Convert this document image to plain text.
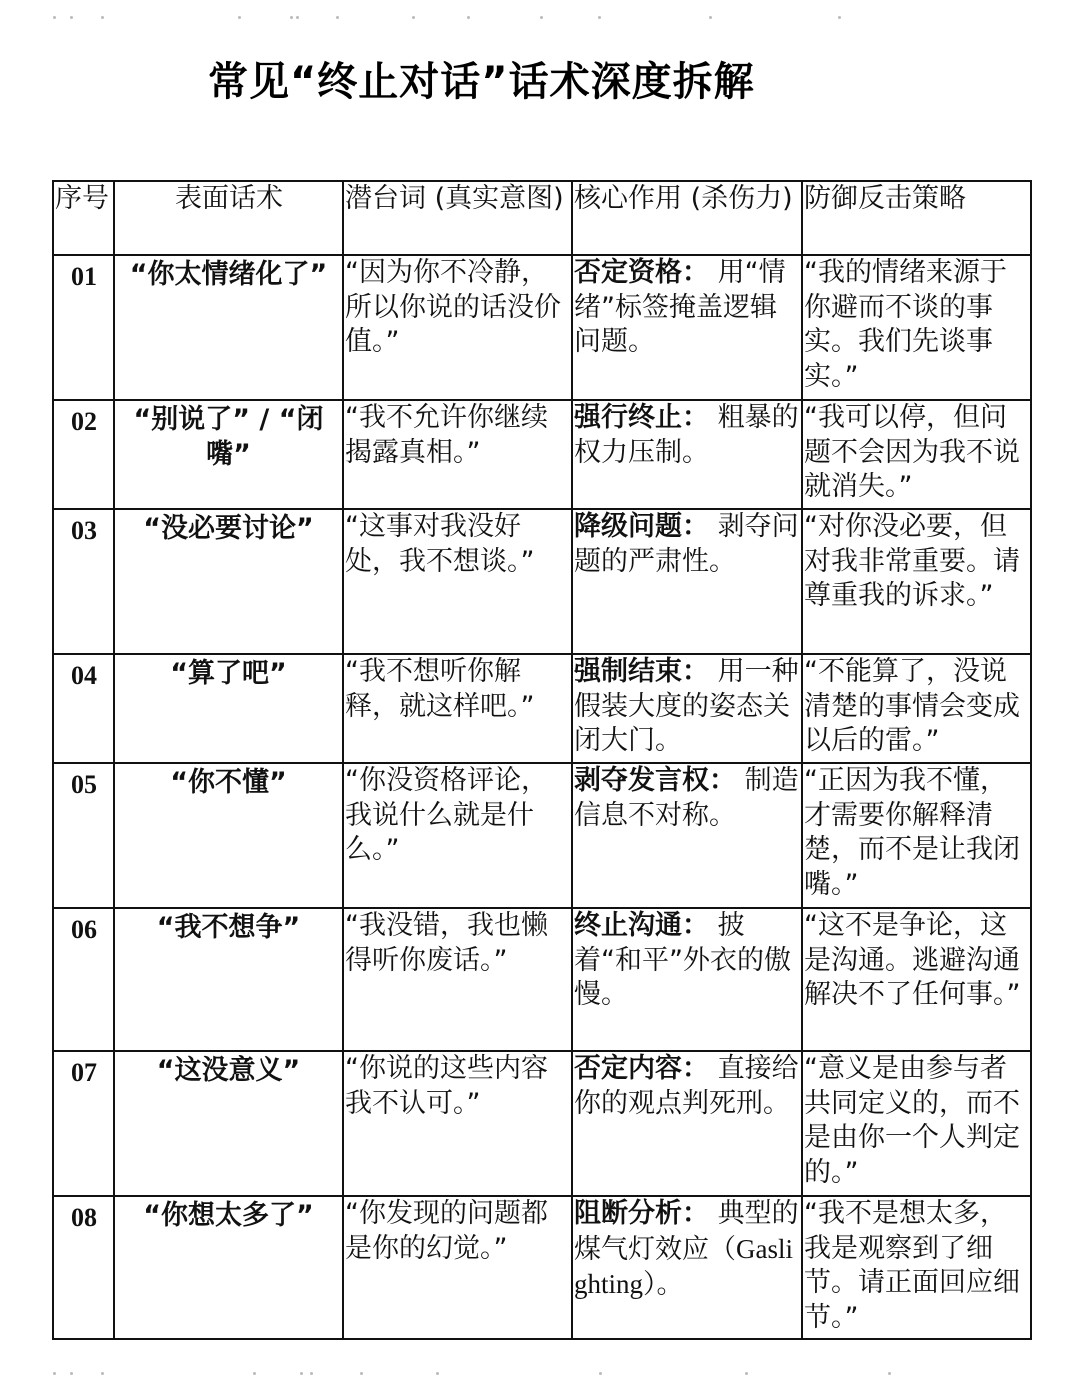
常见“终止对话”话术深度拆解
序号	表面话术	潜台词 (真实意图)	核心作用 (杀伤力)	防御反击策略
01	“你太情绪化了”	“因为你不冷静，所以你说的话没价值。”	否定资格： 用“情绪”标签掩盖逻辑问题。	“我的情绪来源于你避而不谈的事实。我们先谈事实。”
02	“别说了” / “闭嘴”	“我不允许你继续揭露真相。”	强行终止： 粗暴的权力压制。	“我可以停，但问题不会因为我不说就消失。”
03	“没必要讨论”	“这事对我没好处，我不想谈。”	降级问题： 剥夺问题的严肃性。	“对你没必要，但对我非常重要。请尊重我的诉求。”
04	“算了吧”	“我不想听你解释，就这样吧。”	强制结束： 用一种假装大度的姿态关闭大门。	“不能算了，没说清楚的事情会变成以后的雷。”
05	“你不懂”	“你没资格评论，我说什么就是什么。”	剥夺发言权： 制造信息不对称。	“正因为我不懂，才需要你解释清楚，而不是让我闭嘴。”
06	“我不想争”	“我没错，我也懒得听你废话。”	终止沟通： 披着“和平”外衣的傲慢。	“这不是争论，这是沟通。逃避沟通解决不了任何事。”
07	“这没意义”	“你说的这些内容我不认可。”	否定内容： 直接给你的观点判死刑。	“意义是由参与者共同定义的，而不是由你一个人判定的。”
08	“你想太多了”	“你发现的问题都是你的幻觉。”	阻断分析： 典型的煤气灯效应（Gaslighting）。	“我不是想太多，我是观察到了细节。请正面回应细节。”
